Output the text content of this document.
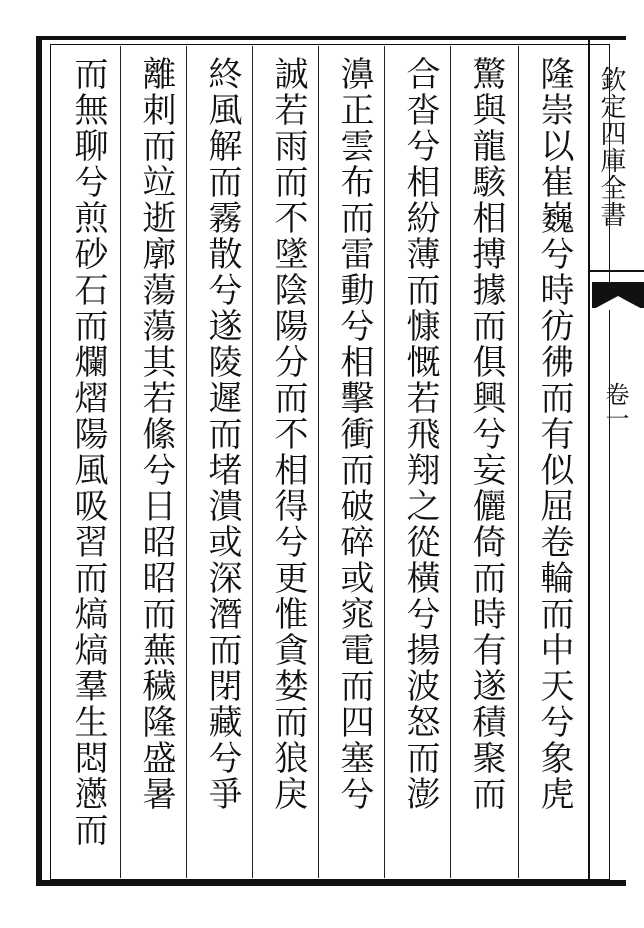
隆崇以崔巍兮時彷彿而有似屈卷輪而中天兮象虎
驚與龍駭相搏據而俱興兮妄儷倚而時有遂積聚而
合沓兮相紛薄而慷慨若飛翔之從橫兮揚波怒而澎
濞正雲布而雷動兮相擊衝而破碎或窕電而四塞兮
誠若雨而不墜陰陽分而不相得兮更惟貪婪而狼戾
終風解而霧散兮遂陵遲而堵潰或深潛而閉藏兮爭
離刺而竝逝廓蕩蕩其若絛兮日昭昭而蕪穢隆盛暑
而無聊兮煎砂石而爛熠陽風吸習而熇熇羣生悶懣而	欽定四庫全書
卷一
